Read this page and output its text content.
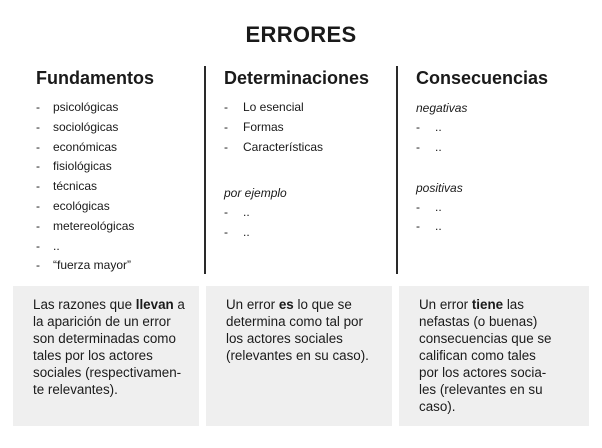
ERRORES
Fundamentos
- psicológicas
- sociológicas
- económicas
- fisiológicas
- técnicas
- ecológicas
- metereológicas
- ..
- “fuerza mayor”
Determinaciones
- Lo esencial
- Formas
- Características
por ejemplo
- ..
- ..
Consecuencias
negativas
- ..
- ..
positivas
- ..
- ..
Las razones que llevan a
la aparición de un error
son determinadas como
tales por los actores
sociales (respectivamen-
te relevantes).
Un error es lo que se
determina como tal por
los actores sociales
(relevantes en su caso).
Un error tiene las
nefastas (o buenas)
consecuencias que se
califican como tales
por los actores socia-
les (relevantes en su
caso).
